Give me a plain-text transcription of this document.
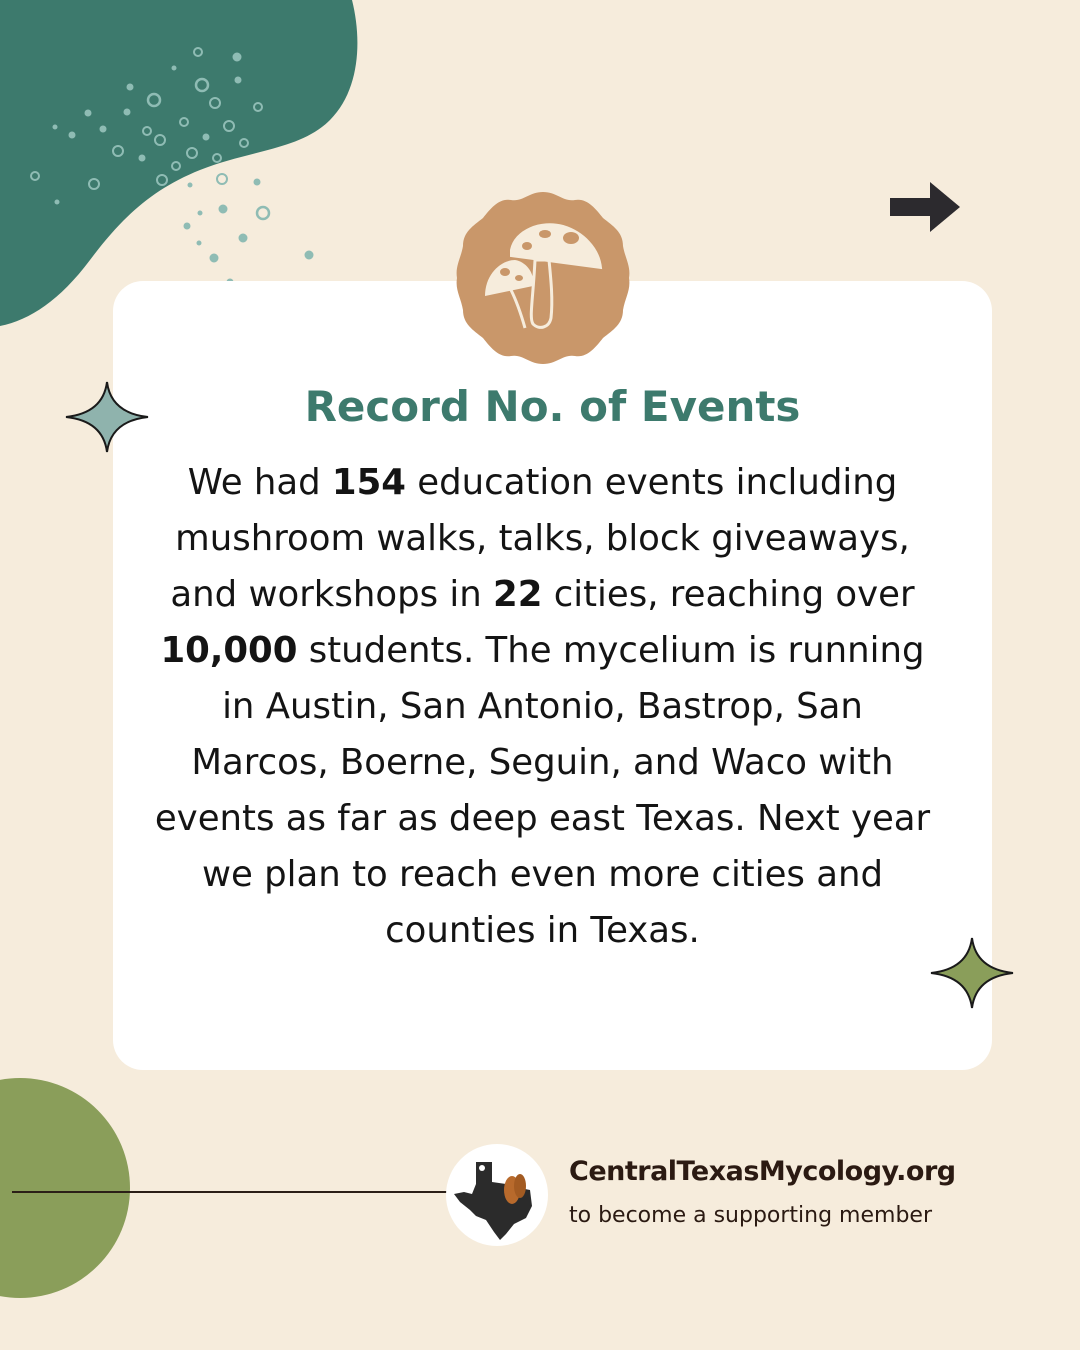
Record No. of Events
We had 154 education events including mushroom walks, talks, block giveaways, and workshops in 22 cities, reaching over 10,000 students. The mycelium is running in Austin, San Antonio, Bastrop, San Marcos, Boerne, Seguin, and Waco with events as far as deep east Texas. Next year we plan to reach even more cities and counties in Texas.
CentralTexasMycology.org
to become a supporting member
